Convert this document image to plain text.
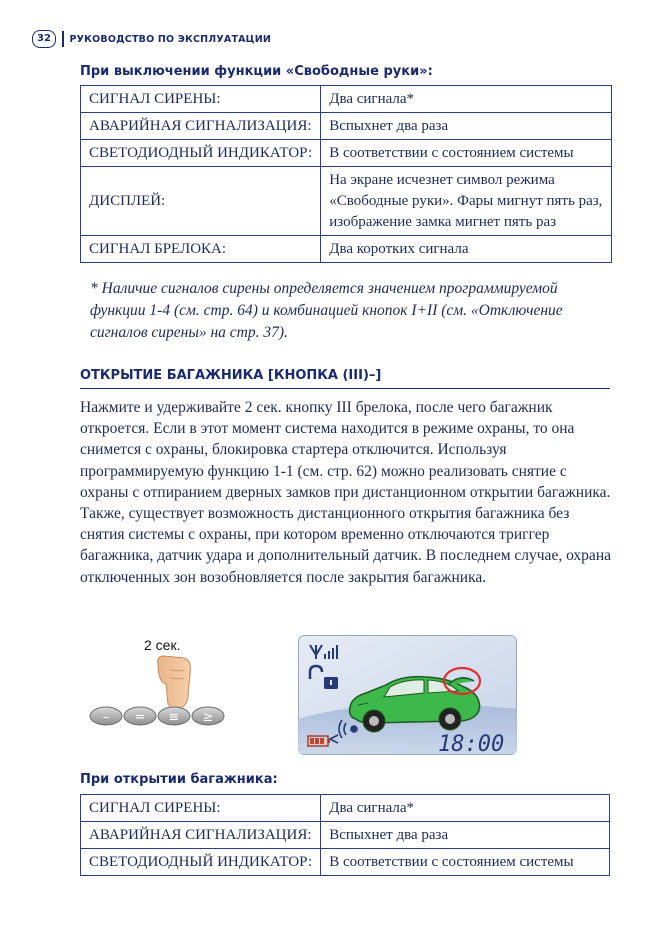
32	РУКОВОДСТВО ПО ЭКСПЛУАТАЦИИ
При выключении функции «Свободные руки»:
СИГНАЛ СИРЕНЫ:	Два сигнала*
АВАРИЙНАЯ СИГНАЛИЗАЦИЯ:	Вспыхнет два раза
СВЕТОДИОДНЫЙ ИНДИКАТОР:	В соответствии с состоянием системы
ДИСПЛЕЙ:	На экране исчезнет символ режима «Свободные руки». Фары мигнут пять раз, изображение замка мигнет пять раз
СИГНАЛ БРЕЛОКА:	Два коротких сигнала
* Наличие сигналов сирены определяется значением программируемой функции 1-4 (см. стр. 64) и комбинацией кнопок I+II (см. «Отключение сигналов сирены» на стр. 37).
ОТКРЫТИЕ БАГАЖНИКА [КНОПКА (III)–]
Нажмите и удерживайте 2 сек. кнопку III брелока, после чего багажник откроется. Если в этот момент система находится в режиме охраны, то она снимется с охраны, блокировка стартера отключится. Используя программируемую функцию 1-1 (см. стр. 62) можно реализовать снятие с охраны с отпиранием дверных замков при дистанционном открытии багажника. Также, существует возможность дистанционного открытия багажника без снятия системы с охраны, при котором временно отключаются триггер багажника, датчик удара и дополнительный датчик. В последнем случае, охрана отключенных зон возобновляется после закрытия багажника.
2 сек.
– = ≡ ≥
18:00
При открытии багажника:
СИГНАЛ СИРЕНЫ:	Два сигнала*
АВАРИЙНАЯ СИГНАЛИЗАЦИЯ:	Вспыхнет два раза
СВЕТОДИОДНЫЙ ИНДИКАТОР:	В соответствии с состоянием системы
